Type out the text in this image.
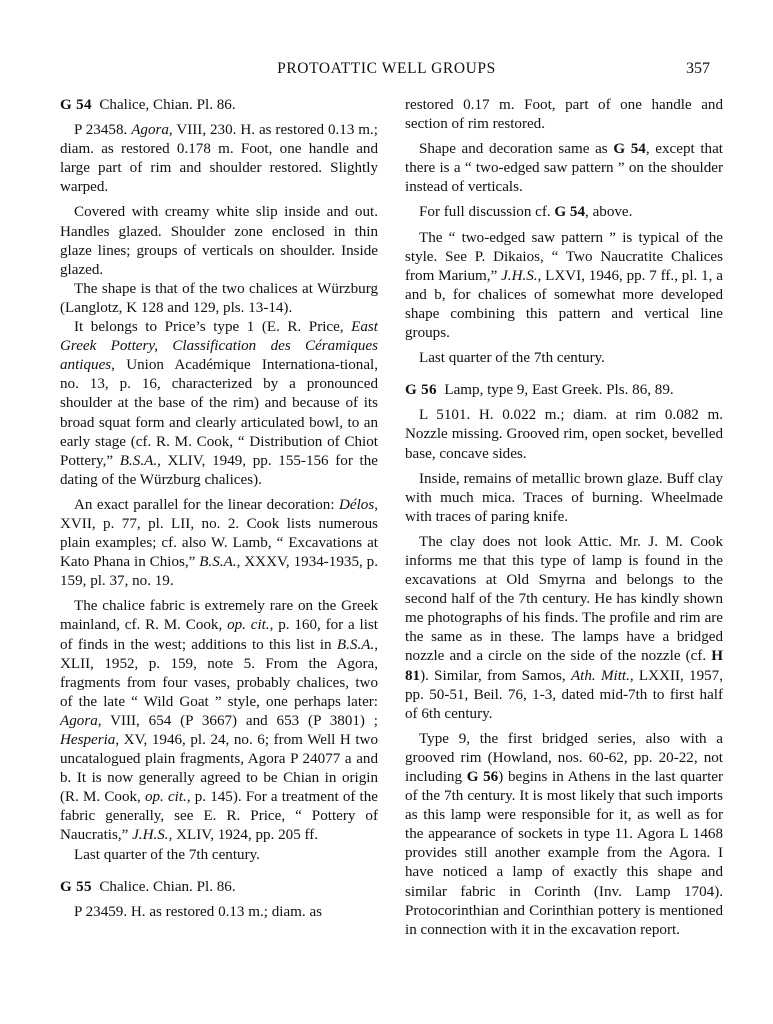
PROTOATTIC WELL GROUPS	357

G 54 Chalice, Chian. Pl. 86.

P 23458. Agora, VIII, 230. H. as restored 0.13 m.; diam. as restored 0.178 m. Foot, one handle and large part of rim and shoulder restored. Slightly warped.

Covered with creamy white slip inside and out. Handles glazed. Shoulder zone enclosed in thin glaze lines; groups of verticals on shoulder. Inside glazed.

The shape is that of the two chalices at Würzburg (Langlotz, K 128 and 129, pls. 13-14).

It belongs to Price’s type 1 (E. R. Price, East Greek Pottery, Classification des Céramiques antiques, Union Académique Internationa-tional, no. 13, p. 16, characterized by a pronounced shoulder at the base of the rim) and because of its broad squat form and clearly articulated bowl, to an early stage (cf. R. M. Cook, “ Distribution of Chiot Pottery,” B.S.A., XLIV, 1949, pp. 155-156 for the dating of the Würzburg chalices).

An exact parallel for the linear decoration: Délos, XVII, p. 77, pl. LII, no. 2. Cook lists numerous plain examples; cf. also W. Lamb, “ Excavations at Kato Phana in Chios,” B.S.A., XXXV, 1934-1935, p. 159, pl. 37, no. 19.

The chalice fabric is extremely rare on the Greek mainland, cf. R. M. Cook, op. cit., p. 160, for a list of finds in the west; additions to this list in B.S.A., XLII, 1952, p. 159, note 5. From the Agora, fragments from four vases, probably chalices, two of the late “ Wild Goat ” style, one perhaps later: Agora, VIII, 654 (P 3667) and 653 (P 3801) ; Hesperia, XV, 1946, pl. 24, no. 6; from Well H two uncatalogued plain fragments, Agora P 24077 a and b. It is now generally agreed to be Chian in origin (R. M. Cook, op. cit., p. 145). For a treatment of the fabric generally, see E. R. Price, “ Pottery of Naucratis,” J.H.S., XLIV, 1924, pp. 205 ff.

Last quarter of the 7th century.

G 55 Chalice. Chian. Pl. 86.

P 23459. H. as restored 0.13 m.; diam. as

restored 0.17 m. Foot, part of one handle and section of rim restored.

Shape and decoration same as G 54, except that there is a “ two-edged saw pattern ” on the shoulder instead of verticals.

For full discussion cf. G 54, above.

The “ two-edged saw pattern ” is typical of the style. See P. Dikaios, “ Two Naucratite Chalices from Marium,” J.H.S., LXVI, 1946, pp. 7 ff., pl. 1, a and b, for chalices of somewhat more developed shape combining this pattern and vertical line groups.

Last quarter of the 7th century.

G 56 Lamp, type 9, East Greek. Pls. 86, 89.

L 5101. H. 0.022 m.; diam. at rim 0.082 m. Nozzle missing. Grooved rim, open socket, bevelled base, concave sides.

Inside, remains of metallic brown glaze. Buff clay with much mica. Traces of burning. Wheelmade with traces of paring knife.

The clay does not look Attic. Mr. J. M. Cook informs me that this type of lamp is found in the excavations at Old Smyrna and belongs to the second half of the 7th century. He has kindly shown me photographs of his finds. The profile and rim are the same as in these. The lamps have a bridged nozzle and a circle on the side of the nozzle (cf. H 81). Similar, from Samos, Ath. Mitt., LXXII, 1957, pp. 50-51, Beil. 76, 1-3, dated mid-7th to first half of 6th century.

Type 9, the first bridged series, also with a grooved rim (Howland, nos. 60-62, pp. 20-22, not including G 56) begins in Athens in the last quarter of the 7th century. It is most likely that such imports as this lamp were responsible for it, as well as for the appearance of sockets in type 11. Agora L 1468 provides still another example from the Agora. I have noticed a lamp of exactly this shape and similar fabric in Corinth (Inv. Lamp 1704). Protocorinthian and Corinthian pottery is mentioned in connection with it in the excavation report.
